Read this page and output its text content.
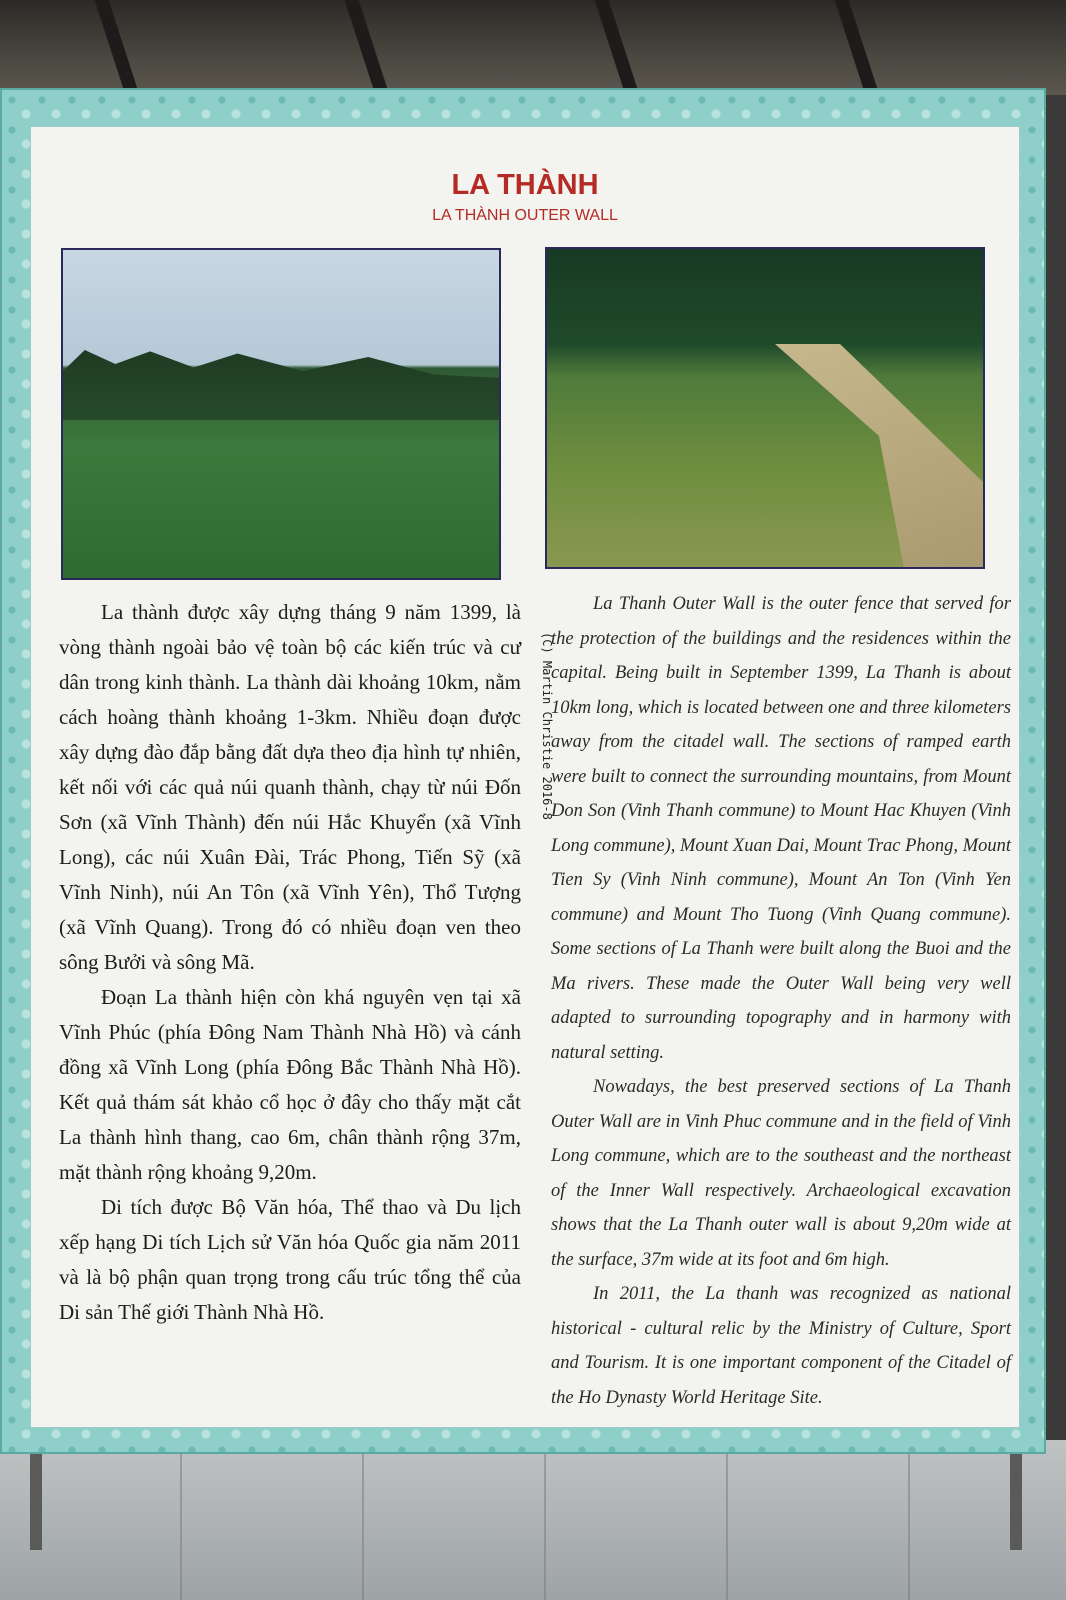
LA THÀNH
LA THÀNH OUTER WALL
(C) Martin Christie 2016-8

La thành được xây dựng tháng 9 năm 1399, là vòng thành ngoài bảo vệ toàn bộ các kiến trúc và cư dân trong kinh thành. La thành dài khoảng 10km, nằm cách hoàng thành khoảng 1-3km. Nhiều đoạn được xây dựng đào đắp bằng đất dựa theo địa hình tự nhiên, kết nối với các quả núi quanh thành, chạy từ núi Đốn Sơn (xã Vĩnh Thành) đến núi Hắc Khuyển (xã Vĩnh Long), các núi Xuân Đài, Trác Phong, Tiến Sỹ (xã Vĩnh Ninh), núi An Tôn (xã Vĩnh Yên), Thổ Tượng (xã Vĩnh Quang). Trong đó có nhiều đoạn ven theo sông Bưởi và sông Mã.

Đoạn La thành hiện còn khá nguyên vẹn tại xã Vĩnh Phúc (phía Đông Nam Thành Nhà Hồ) và cánh đồng xã Vĩnh Long (phía Đông Bắc Thành Nhà Hồ). Kết quả thám sát khảo cổ học ở đây cho thấy mặt cắt La thành hình thang, cao 6m, chân thành rộng 37m, mặt thành rộng khoảng 9,20m.

Di tích được Bộ Văn hóa, Thể thao và Du lịch xếp hạng Di tích Lịch sử Văn hóa Quốc gia năm 2011 và là bộ phận quan trọng trong cấu trúc tổng thể của Di sản Thế giới Thành Nhà Hồ.

La Thanh Outer Wall is the outer fence that served for the protection of the buildings and the residences within the capital. Being built in September 1399, La Thanh is about 10km long, which is located between one and three kilometers away from the citadel wall. The sections of ramped earth were built to connect the surrounding mountains, from Mount Don Son (Vinh Thanh commune) to Mount Hac Khuyen (Vinh Long commune), Mount Xuan Dai, Mount Trac Phong, Mount Tien Sy (Vinh Ninh commune), Mount An Ton (Vinh Yen commune) and Mount Tho Tuong (Vinh Quang commune). Some sections of La Thanh were built along the Buoi and the Ma rivers. These made the Outer Wall being very well adapted to surrounding topography and in harmony with natural setting.

Nowadays, the best preserved sections of La Thanh Outer Wall are in Vinh Phuc commune and in the field of Vinh Long commune, which are to the southeast and the northeast of the Inner Wall respectively. Archaeological excavation shows that the La Thanh outer wall is about 9,20m wide at the surface, 37m wide at its foot and 6m high.

In 2011, the La thanh was recognized as national historical - cultural relic by the Ministry of Culture, Sport and Tourism. It is one important component of the Citadel of the Ho Dynasty World Heritage Site.
